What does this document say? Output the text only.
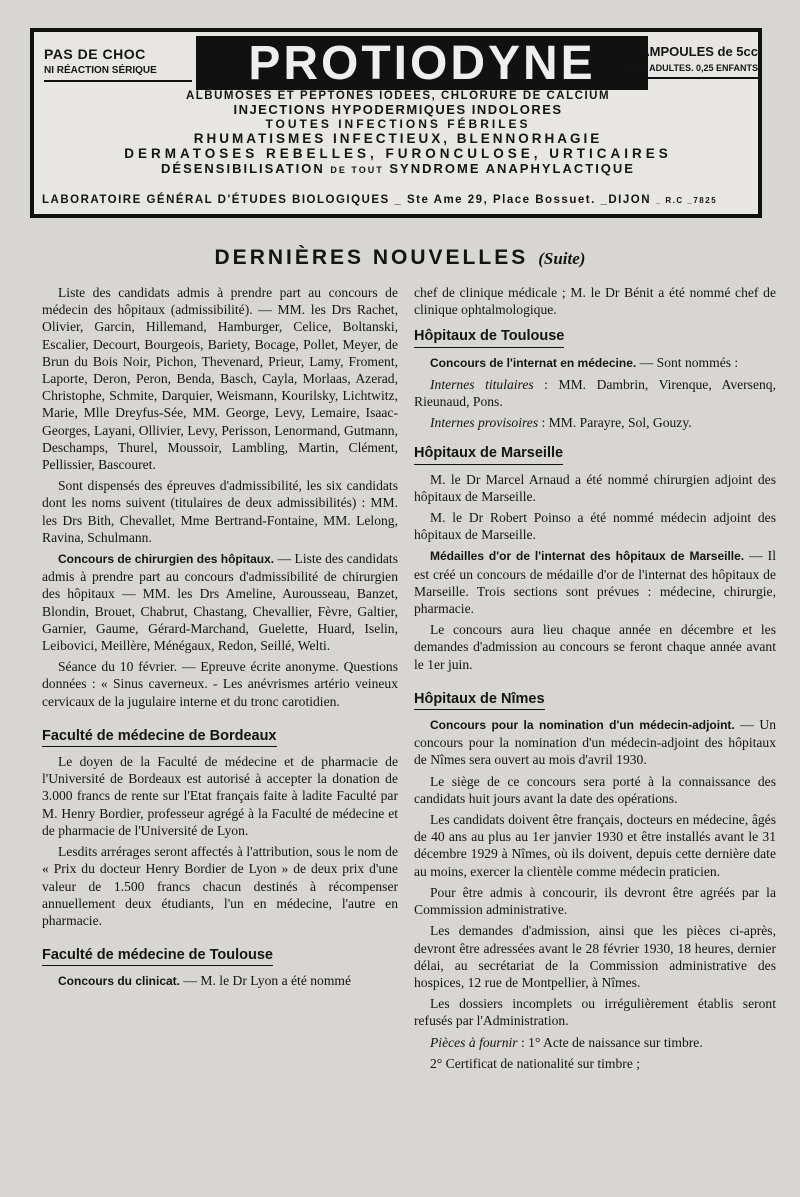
PAS DE CHOC
NI RÉACTION SÉRIQUE	PROTIODYNE	AMPOULES de 5cc
0,50 ADULTES. 0,25 ENFANTS
ALBUMOSES ET PEPTONES IODÉES, CHLORURE DE CALCIUM
INJECTIONS HYPODERMIQUES INDOLORES
TOUTES INFECTIONS FÉBRILES
RHUMATISMES INFECTIEUX, BLENNORHAGIE
DERMATOSES REBELLES, FURONCULOSE, URTICAIRES
DÉSENSIBILISATION DE TOUT SYNDROME ANAPHYLACTIQUE
LABORATOIRE GÉNÉRAL D'ÉTUDES BIOLOGIQUES _ Ste Ame 29, Place Bossuet. _DIJON _ R.C _7825
DERNIÈRES NOUVELLES (Suite)

Liste des candidats admis à prendre part au concours de médecin des hôpitaux (admissibilité). — MM. les Drs Rachet, Olivier, Garcin, Hillemand, Hamburger, Celice, Boltanski, Escalier, Decourt, Bourgeois, Bariety, Bocage, Pollet, Meyer, de Brun du Bois Noir, Pichon, Thevenard, Prieur, Lamy, Froment, Laporte, Deron, Peron, Benda, Basch, Cayla, Morlaas, Azerad, Christophe, Schmite, Darquier, Weismann, Kourilsky, Lichtwitz, Marie, Mlle Dreyfus-Sée, MM. George, Levy, Lemaire, Isaac-Georges, Layani, Ollivier, Levy, Perisson, Lenormand, Gutmann, Deschamps, Thurel, Moussoir, Lambling, Martin, Clément, Pellissier, Bascouret.

Sont dispensés des épreuves d'admissibilité, les six candidats dont les noms suivent (titulaires de deux admissibilités) : MM. les Drs Bith, Chevallet, Mme Bertrand-Fontaine, MM. Lelong, Ravina, Schulmann.

Concours de chirurgien des hôpitaux. — Liste des candidats admis à prendre part au concours d'admissibilité de chirurgien des hôpitaux — MM. les Drs Ameline, Aurousseau, Banzet, Blondin, Brouet, Chabrut, Chastang, Chevallier, Fèvre, Galtier, Garnier, Gaume, Gérard-Marchand, Guelette, Huard, Iselin, Leibovici, Meillère, Ménégaux, Redon, Seillé, Welti.

Séance du 10 février. — Epreuve écrite anonyme. Questions données : « Sinus caverneux. - Les anévrismes artério veineux cervicaux de la jugulaire interne et du tronc carotidien.

Faculté de médecine de Bordeaux

Le doyen de la Faculté de médecine et de pharmacie de l'Université de Bordeaux est autorisé à accepter la donation de 3.000 francs de rente sur l'Etat français faite à ladite Faculté par M. Henry Bordier, professeur agrégé à la Faculté de médecine et de pharmacie de l'Université de Lyon.

Lesdits arrérages seront affectés à l'attribution, sous le nom de « Prix du docteur Henry Bordier de Lyon » de deux prix d'une valeur de 1.500 francs chacun destinés à récompenser annuellement deux étudiants, l'un en médecine, l'autre en pharmacie.

Faculté de médecine de Toulouse

Concours du clinicat. — M. le Dr Lyon a été nommé

chef de clinique médicale ; M. le Dr Bénit a été nommé chef de clinique ophtalmologique.

Hôpitaux de Toulouse

Concours de l'internat en médecine. — Sont nommés :

Internes titulaires : MM. Dambrin, Virenque, Aversenq, Rieunaud, Pons.

Internes provisoires : MM. Parayre, Sol, Gouzy.

Hôpitaux de Marseille

M. le Dr Marcel Arnaud a été nommé chirurgien adjoint des hôpitaux de Marseille.

M. le Dr Robert Poinso a été nommé médecin adjoint des hôpitaux de Marseille.

Médailles d'or de l'internat des hôpitaux de Marseille. — Il est créé un concours de médaille d'or de l'internat des hôpitaux de Marseille. Trois sections sont prévues : médecine, chirurgie, pharmacie.

Le concours aura lieu chaque année en décembre et les demandes d'admission au concours se feront chaque année avant le 1er juin.

Hôpitaux de Nîmes

Concours pour la nomination d'un médecin-adjoint. — Un concours pour la nomination d'un médecin-adjoint des hôpitaux de Nîmes sera ouvert au mois d'avril 1930.

Le siège de ce concours sera porté à la connaissance des candidats huit jours avant la date des opérations.

Les candidats doivent être français, docteurs en médecine, âgés de 40 ans au plus au 1er janvier 1930 et être installés avant le 31 décembre 1929 à Nîmes, où ils doivent, depuis cette dernière date au moins, exercer la clientèle comme médecin praticien.

Pour être admis à concourir, ils devront être agréés par la Commission administrative.

Les demandes d'admission, ainsi que les pièces ci-après, devront être adressées avant le 28 février 1930, 18 heures, dernier délai, au secrétariat de la Commission administrative des hospices, 12 rue de Montpellier, à Nîmes.

Les dossiers incomplets ou irrégulièrement établis seront refusés par l'Administration.

Pièces à fournir : 1° Acte de naissance sur timbre.

2° Certificat de nationalité sur timbre ;
